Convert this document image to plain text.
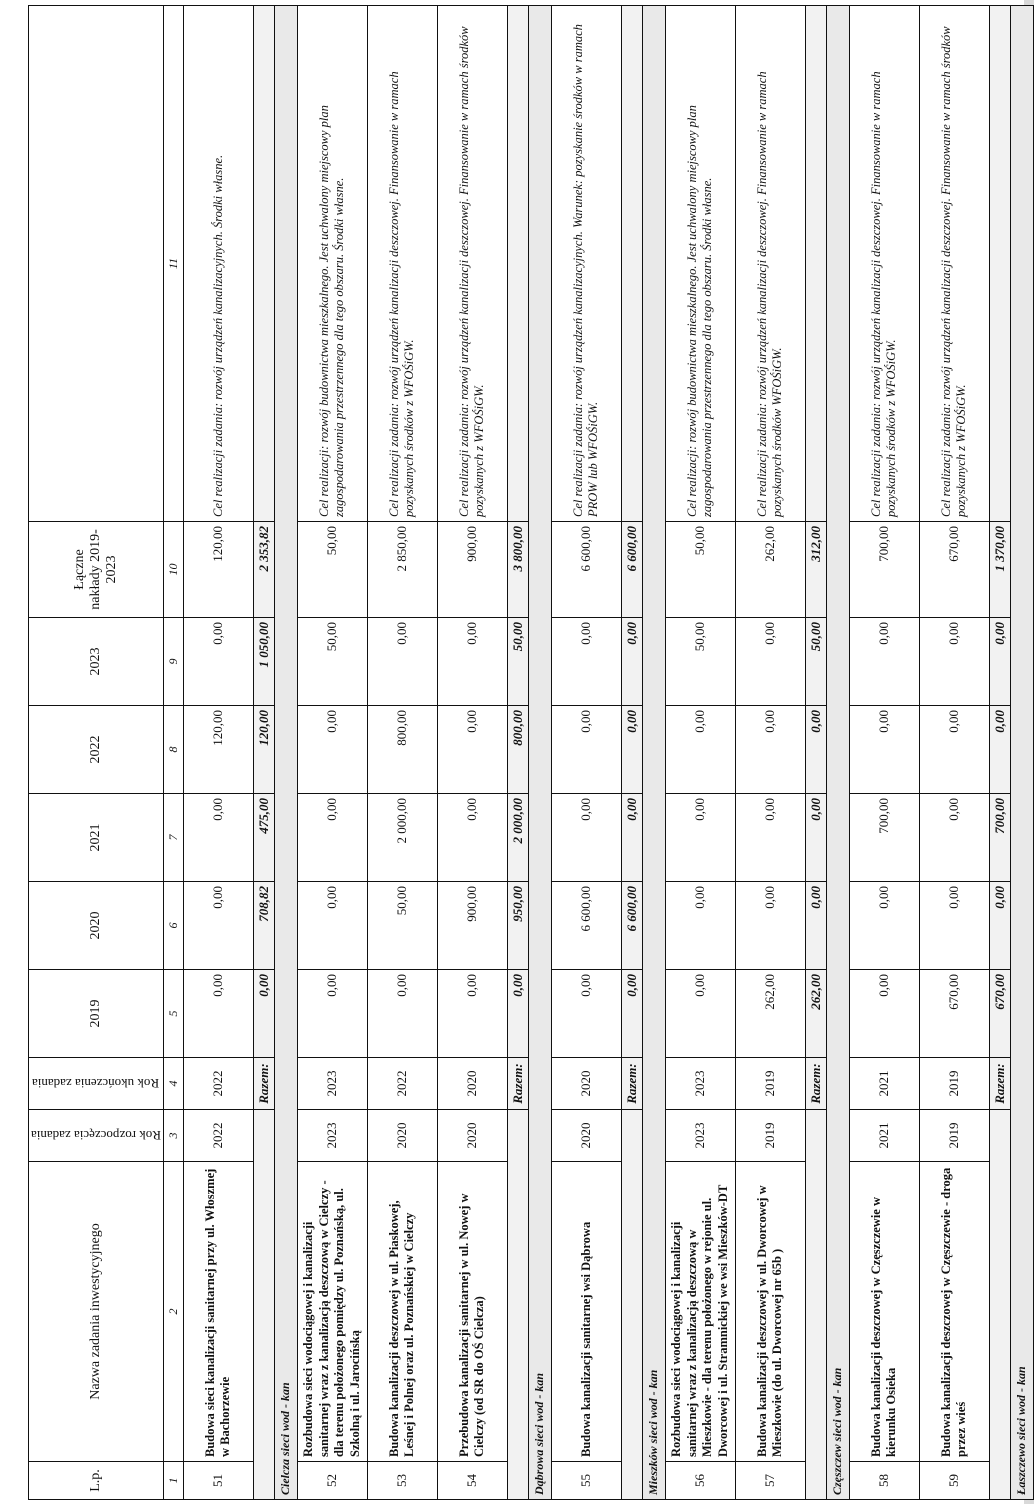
L.p.	Nazwa zadania inwestycyjnego	Rok rozpoczęcia zadania	Rok ukończenia zadania	2019	2020	2021	2022	2023	Łączne nakłady 2019-2023	
1	2	3	4	5	6	7	8	9	10	11
51	Budowa sieci kanalizacji sanitarnej przy ul. Włoszmej w Bachorzewie	2022	2022	0,00	0,00	0,00	120,00	0,00	120,00	Cel realizacji zadania: rozwój urządzeń kanalizacyjnych. Środki własne.
			Razem:	0,00	708,82	475,00	120,00	1 050,00	2 353,82	
Cielcza sieci wod - kan										
52	Rozbudowa sieci wodociągowej i kanalizacji sanitarnej wraz z kanalizacją deszczową w Cielczy - dla terenu położonego pomiędzy ul. Poznańską, ul. Szkolną i ul. Jarocińską	2023	2023	0,00	0,00	0,00	0,00	50,00	50,00	Cel realizacji: rozwój budownictwa mieszkalnego. Jest uchwalony miejscowy plan zagospodarowania przestrzennego dla tego obszaru. Środki własne.
53	Budowa kanalizacji deszczowej w ul. Piaskowej, Leśnej i Polnej oraz ul. Poznańskiej w Cielczy	2020	2022	0,00	50,00	2 000,00	800,00	0,00	2 850,00	Cel realizacji zadania: rozwój urządzeń kanalizacji deszczowej. Finansowanie w ramach pozyskanych środków z WFOŚiGW.
54	Przebudowa kanalizacji sanitarnej w ul. Nowej w Cielczy (od SR do OŚ Cielcza)	2020	2020	0,00	900,00	0,00	0,00	0,00	900,00	Cel realizacji zadania: rozwój urządzeń kanalizacji deszczowej. Finansowanie w ramach środków pozyskanych z WFOŚiGW.
			Razem:	0,00	950,00	2 000,00	800,00	50,00	3 800,00	
Dąbrowa sieci wod - kan										
55	Budowa kanalizacji sanitarnej wsi Dąbrowa	2020	2020	0,00	6 600,00	0,00	0,00	0,00	6 600,00	Cel realizacji zadania: rozwój urządzeń kanalizacyjnych. Warunek: pozyskanie środków w ramach PROW lub WFOŚiGW.
			Razem:	0,00	6 600,00	0,00	0,00	0,00	6 600,00	
Mieszków sieci wod - kan										
56	Rozbudowa sieci wodociągowej i kanalizacji sanitarnej wraz z kanalizacją deszczową w Mieszkowie - dla terenu położonego w rejonie ul. Dworcowej i ul. Stramnickiej we wsi Mieszków-DT	2023	2023	0,00	0,00	0,00	0,00	50,00	50,00	Cel realizacji: rozwój budownictwa mieszkalnego. Jest uchwalony miejscowy plan zagospodarowania przestrzennego dla tego obszaru. Środki własne.
57	Budowa kanalizacji deszczowej w ul. Dworcowej w Mieszkowie (do ul. Dworcowej nr 65b )	2019	2019	262,00	0,00	0,00	0,00	0,00	262,00	Cel realizacji zadania: rozwój urządzeń kanalizacji deszczowej. Finansowanie w ramach pozyskanych środków WFOŚiGW.
			Razem:	262,00	0,00	0,00	0,00	50,00	312,00	
Częszczew sieci wod - kan										
58	Budowa kanalizacji deszczowej w Częszczewie w kierunku Osieka	2021	2021	0,00	0,00	700,00	0,00	0,00	700,00	Cel realizacji zadania: rozwój urządzeń kanalizacji deszczowej. Finansowanie w ramach pozyskanych środków z WFOŚiGW.
59	Budowa kanalizacji deszczowej w Częszczewie - droga przez wieś	2019	2019	670,00	0,00	0,00	0,00	0,00	670,00	Cel realizacji zadania: rozwój urządzeń kanalizacji deszczowej. Finansowanie w ramach środków pozyskanych z WFOŚiGW.
			Razem:	670,00	0,00	700,00	0,00	0,00	1 370,00	
Łaszczewo sieci wod - kan										
